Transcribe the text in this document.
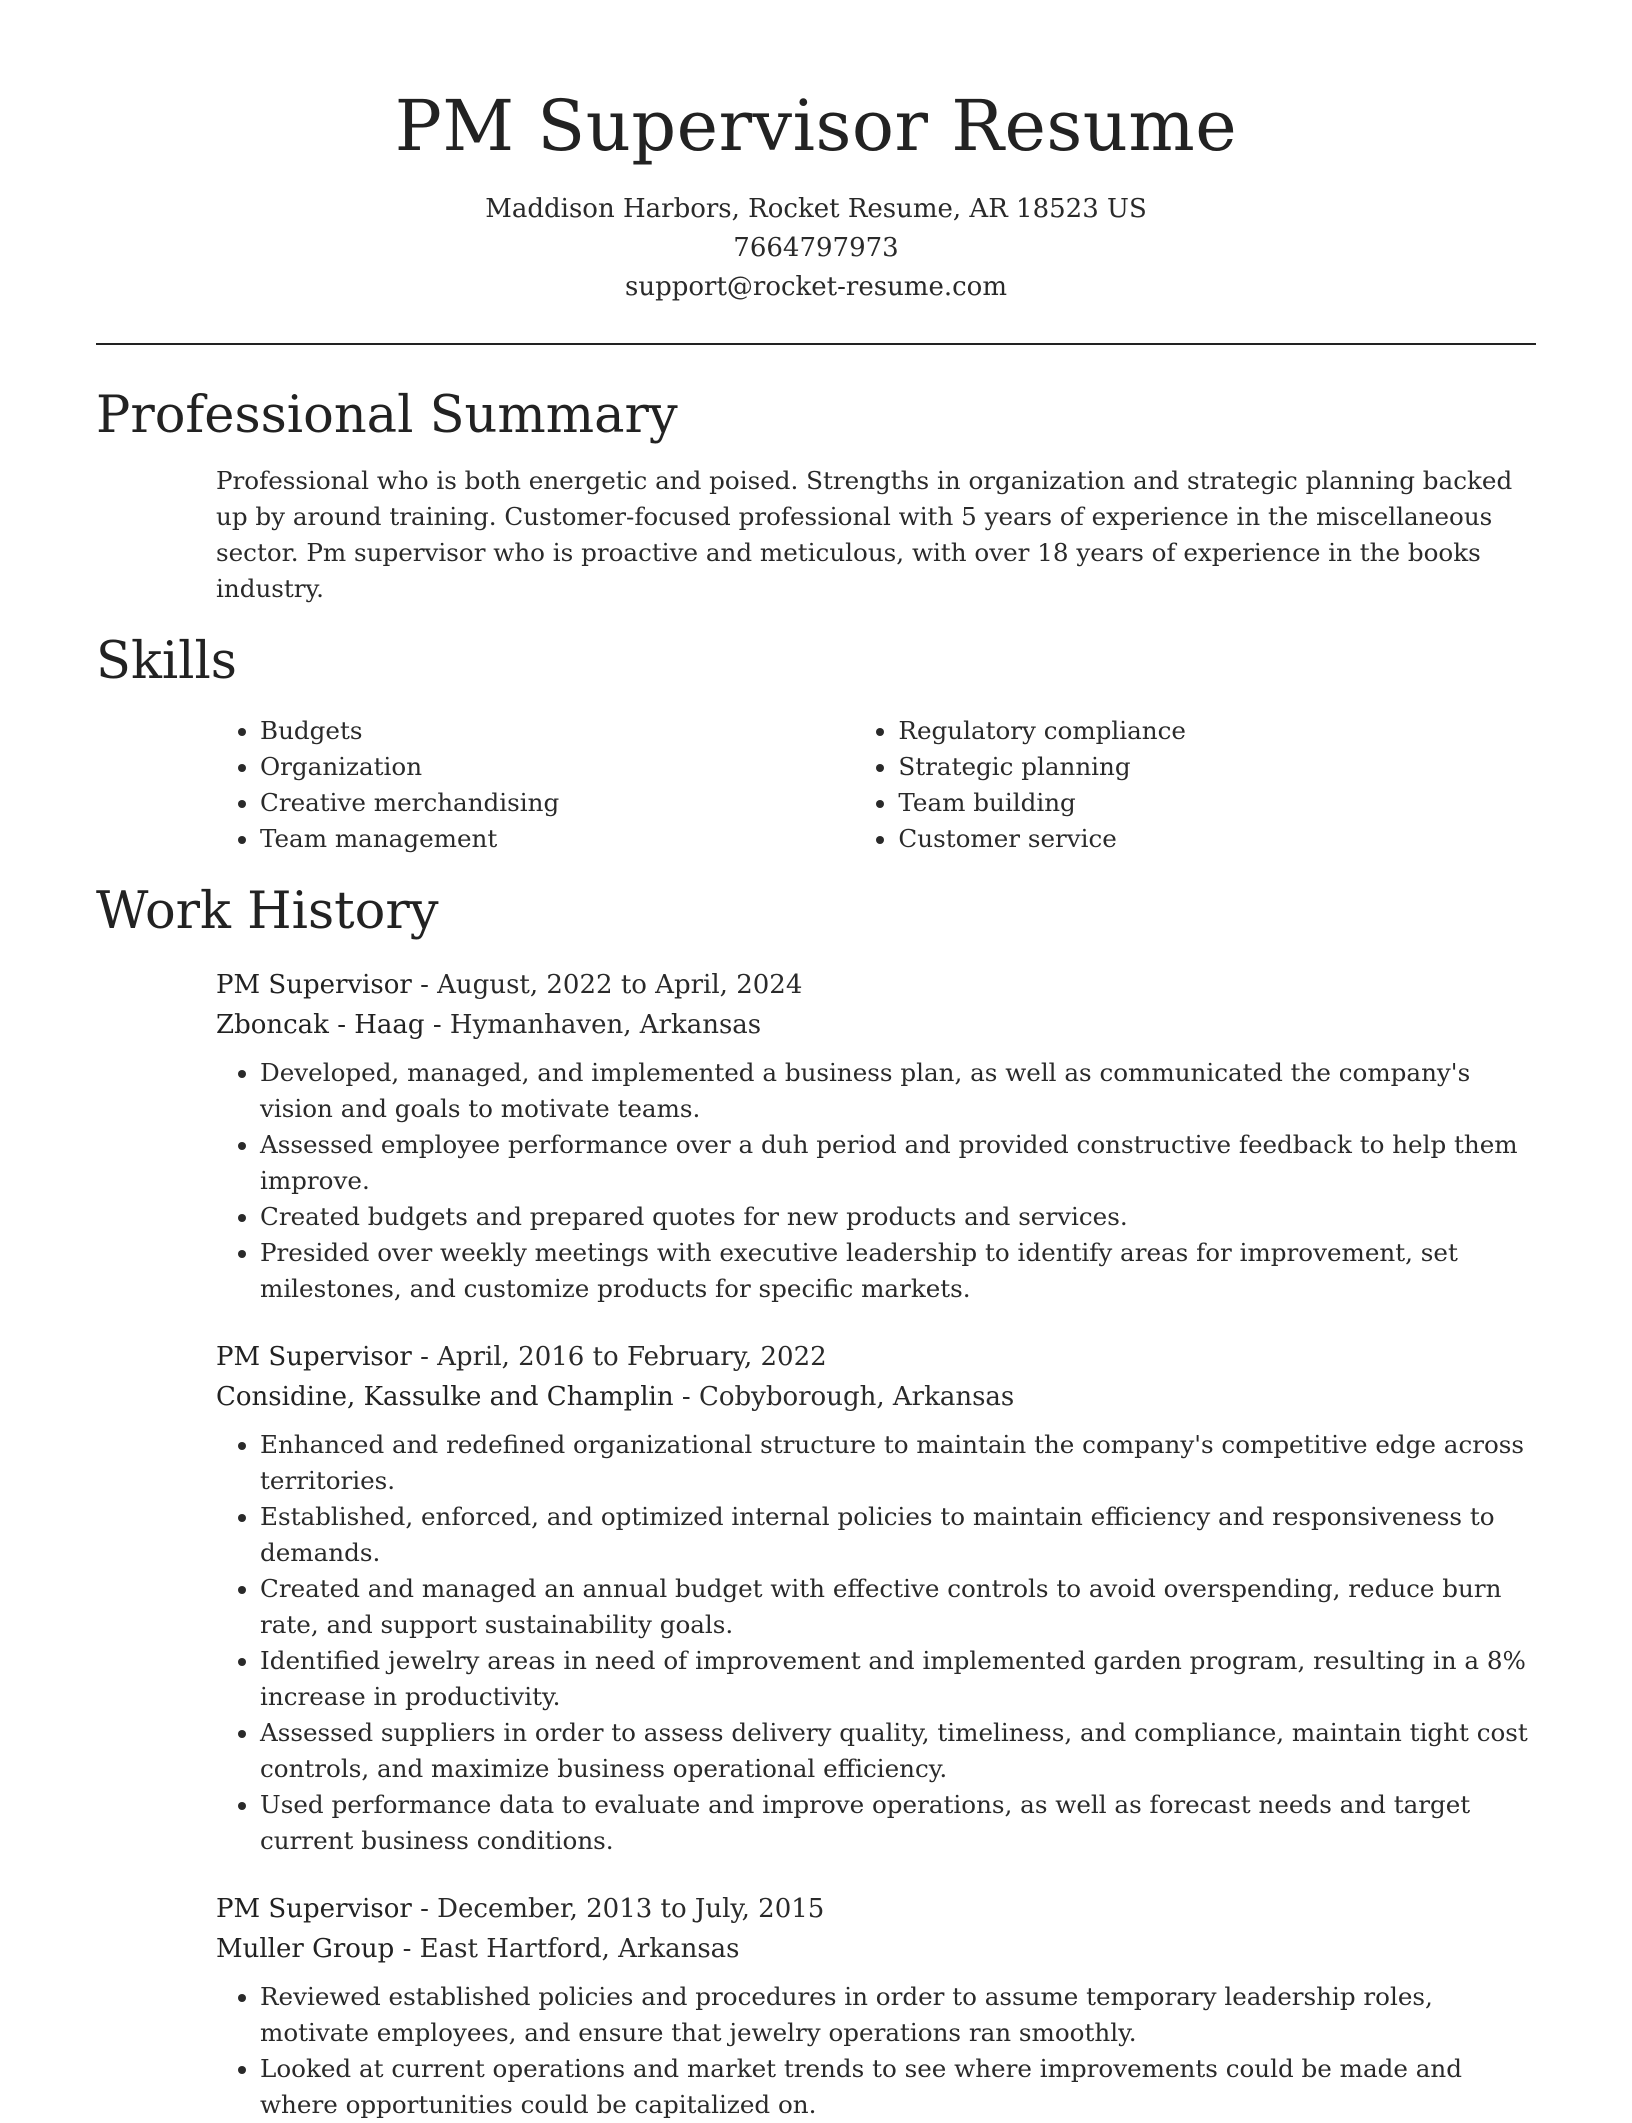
PM Supervisor Resume
Maddison Harbors, Rocket Resume, AR 18523 US
7664797973
support@rocket-resume.com
Professional Summary
Professional who is both energetic and poised. Strengths in organization and strategic planning backed up by around training. Customer-focused professional with 5 years of experience in the miscellaneous sector. Pm supervisor who is proactive and meticulous, with over 18 years of experience in the books industry.
Skills
• Budgets
• Organization
• Creative merchandising
• Team management
• Regulatory compliance
• Strategic planning
• Team building
• Customer service
Work History
PM Supervisor - August, 2022 to April, 2024
Zboncak - Haag - Hymanhaven, Arkansas
• Developed, managed, and implemented a business plan, as well as communicated the company's vision and goals to motivate teams.
• Assessed employee performance over a duh period and provided constructive feedback to help them improve.
• Created budgets and prepared quotes for new products and services.
• Presided over weekly meetings with executive leadership to identify areas for improvement, set milestones, and customize products for specific markets.
PM Supervisor - April, 2016 to February, 2022
Considine, Kassulke and Champlin - Cobyborough, Arkansas
• Enhanced and redefined organizational structure to maintain the company's competitive edge across territories.
• Established, enforced, and optimized internal policies to maintain efficiency and responsiveness to demands.
• Created and managed an annual budget with effective controls to avoid overspending, reduce burn rate, and support sustainability goals.
• Identified jewelry areas in need of improvement and implemented garden program, resulting in a 8% increase in productivity.
• Assessed suppliers in order to assess delivery quality, timeliness, and compliance, maintain tight cost controls, and maximize business operational efficiency.
• Used performance data to evaluate and improve operations, as well as forecast needs and target current business conditions.
PM Supervisor - December, 2013 to July, 2015
Muller Group - East Hartford, Arkansas
• Reviewed established policies and procedures in order to assume temporary leadership roles, motivate employees, and ensure that jewelry operations ran smoothly.
• Looked at current operations and market trends to see where improvements could be made and where opportunities could be capitalized on.
